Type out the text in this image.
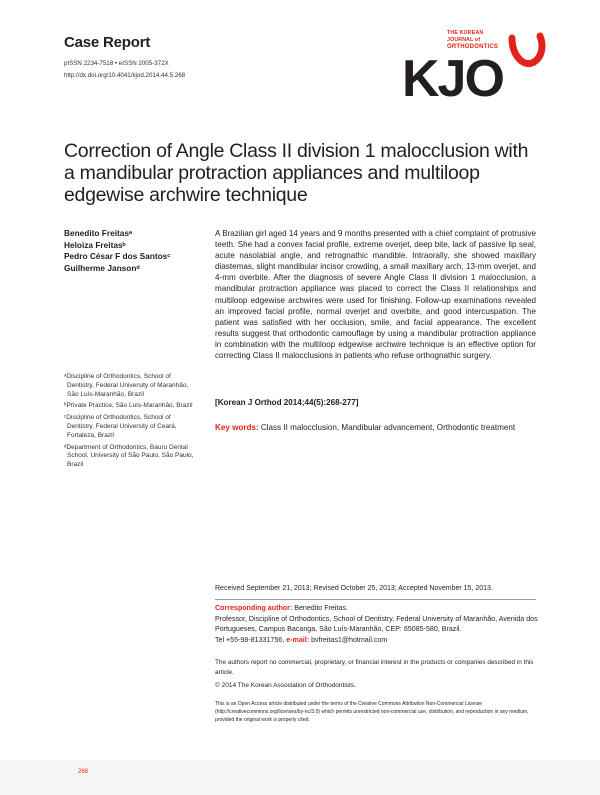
Case Report
pISSN 2234-7518 • eISSN 2005-372X
http://dx.doi.org/10.4041/kjod.2014.44.5.268
THE KOREAN JOURNAL of
ORTHODONTICS
KJO
Correction of Angle Class II division 1 malocclusion with a mandibular protraction appliances and multiloop edgewise archwire technique
Benedito Freitasᵃ
Heloiza Freitasᵇ
Pedro César F dos Santosᶜ
Guilherme Jansonᵈ

ᵃDiscipline of Orthodontics, School of Dentistry, Federal University of Maranhão, São Luís-Maranhão, Brazil

ᵇPrivate Practice, São Luís-Maranhão, Brazil

ᶜDiscipline of Orthodontics, School of Dentistry, Federal University of Ceará, Fortaleza, Brazil

ᵈDepartment of Orthodontics, Bauru Dental School, University of São Paulo, São Paulo, Brazil

A Brazilian girl aged 14 years and 9 months presented with a chief complaint of protrusive teeth. She had a convex facial profile, extreme overjet, deep bite, lack of passive lip seal, acute nasolabial angle, and retrognathic mandible. Intraorally, she showed maxillary diastemas, slight mandibular incisor crowding, a small maxillary arch, 13-mm overjet, and 4-mm overbite. After the diagnosis of severe Angle Class II division 1 malocclusion, a mandibular protraction appliance was placed to correct the Class II relationships and multiloop edgewise archwires were used for finishing. Follow-up examinations revealed an improved facial profile, normal overjet and overbite, and good intercuspation. The patient was satisfied with her occlusion, smile, and facial appearance. The excellent results suggest that orthodontic camouflage by using a mandibular protraction appliance in combination with the multiloop edgewise archwire technique is an effective option for correcting Class II malocclusions in patients who refuse orthognathic surgery.
[Korean J Orthod 2014;44(5):268-277]
Key words: Class II malocclusion, Mandibular advancement, Orthodontic treatment
Received September 21, 2013; Revised October 25, 2013; Accepted November 15, 2013.
Corresponding author: Benedito Freitas.
Professor, Discipline of Orthodontics, School of Dentistry, Federal University of Maranhão, Avenida dos Portugueses, Campus Bacanga, São Luís-Maranhão, CEP: 65085-580, Brazil.
Tel +55-98-81331756, e-mail: bvfreitas1@hotmail.com
The authors report no commercial, proprietary, or financial interest in the products or companies described in this article.
© 2014 The Korean Association of Orthodontists.
This is an Open Access article distributed under the terms of the Creative Commons Attribution Non-Commercial License (http://creativecommons.org/licenses/by-nc/3.0) which permits unrestricted non-commercial use, distribution, and reproduction in any medium, provided the original work is properly cited.
268
